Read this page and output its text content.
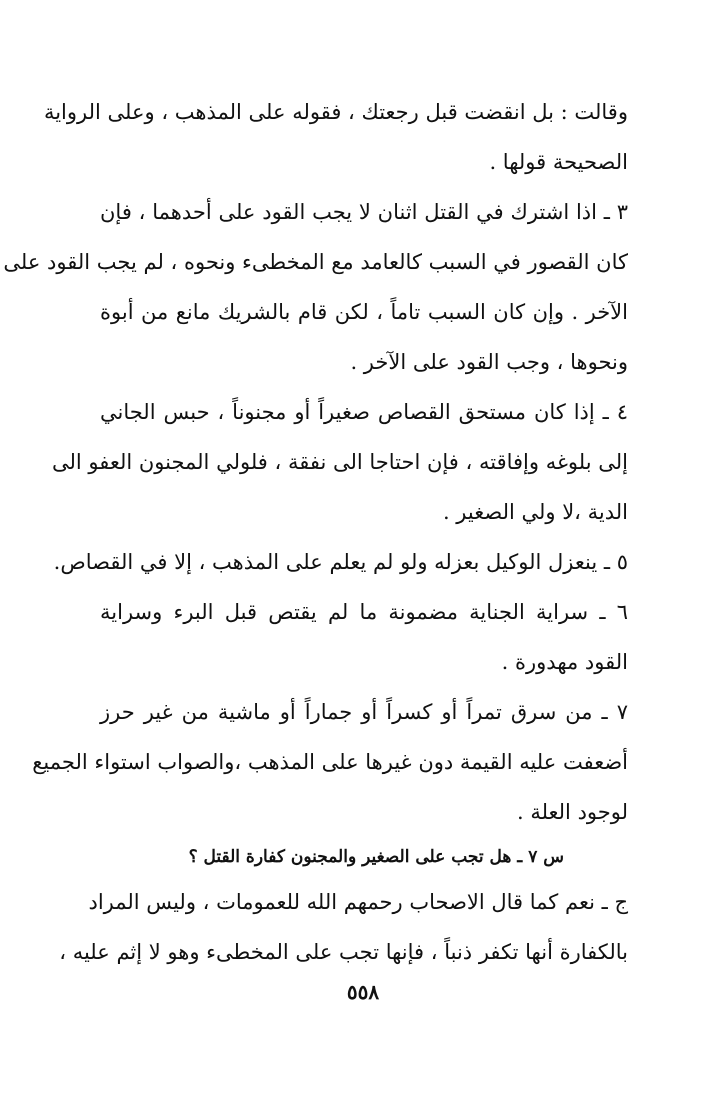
وقالت : بل انقضت قبل رجعتك ، فقوله على المذهب ، وعلى الرواية

الصحيحة قولها .

٣ ـ اذا اشترك في القتل اثنان لا يجب القود على أحدهما ، فإن

كان القصور في السبب كالعامد مع المخطىء ونحوه ، لم يجب القود على

الآخر . وإن كان السبب تاماً ، لكن قام بالشريك مانع من أبوة

ونحوها ، وجب القود على الآخر .

٤ ـ إذا كان مستحق القصاص صغيراً أو مجنوناً ، حبس الجاني

إلى بلوغه وإفاقته ، فإن احتاجا الى نفقة ، فلولي المجنون العفو الى

الدية ،لا ولي الصغير .

٥ ـ ينعزل الوكيل بعزله ولو لم يعلم على المذهب ، إلا في القصاص.

٦ ـ سراية الجناية مضمونة ما لم يقتص قبل البرء وسراية

القود مهدورة .

٧ ـ من سرق تمراً أو كسراً أو جماراً أو ماشية من غير حرز

أضعفت عليه القيمة دون غيرها على المذهب ،والصواب استواء الجميع

لوجود العلة .

س ٧ ـ هل تجب على الصغير والمجنون كفارة القتل ؟

ج ـ نعم كما قال الاصحاب رحمهم الله للعمومات ، وليس المراد

بالكفارة أنها تكفر ذنباً ، فإنها تجب على المخطىء وهو لا إثم عليه ،

٥٥٨
